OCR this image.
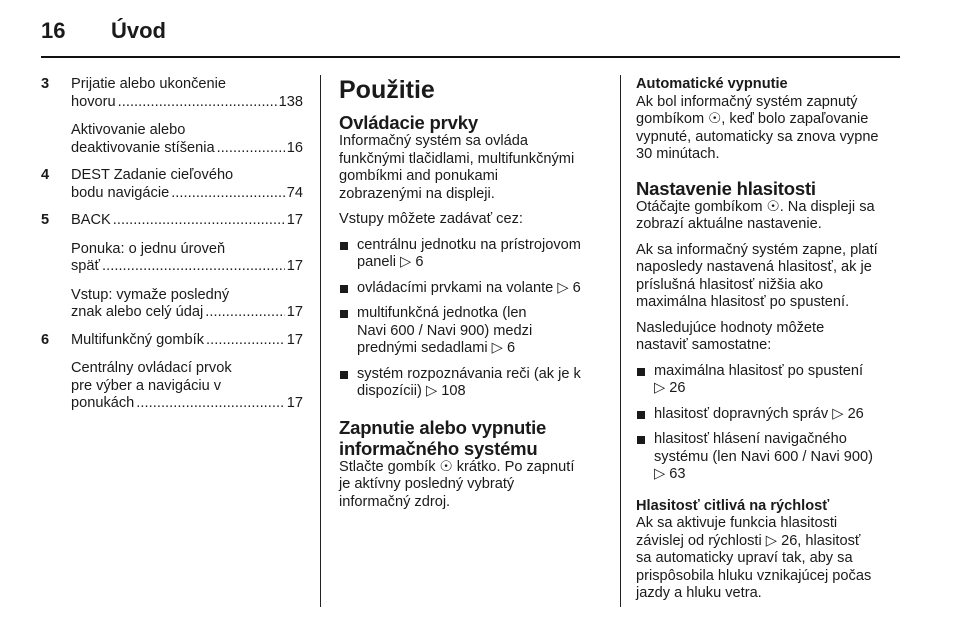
16 Úvod
3 Prijatie alebo ukončenie
hovoru . . .	138
Aktivovanie alebo
deaktivovanie stíšenia . . .	16
4 DEST Zadanie cieľového
bodu navigácie . . .	74
5 BACK . . .	17
Ponuka: o jednu úroveň
späť . . .	17
Vstup: vymaže posledný
znak alebo celý údaj . . .	17
6 Multifunkčný gombík . . .	17
Centrálny ovládací prvok
pre výber a navigáciu v
ponukách . . .	17
Použitie
Ovládacie prvky
Informačný systém sa ovláda
funkčnými tlačidlami, multifunkčnými
gombíkmi and ponukami
zobrazenými na displeji.
Vstupy môžete zadávať cez:
centrálnu jednotku na prístrojovom
paneli ▷ 6
ovládacími prvkami na volante ▷ 6
multifunkčná jednotka (len
Navi 600 / Navi 900) medzi
prednými sedadlami ▷ 6
systém rozpoznávania reči (ak je k
dispozícii) ▷ 108
Zapnutie alebo vypnutie
informačného systému
Stlačte gombík ☉ krátko. Po zapnutí
je aktívny posledný vybratý
informačný zdroj.
Automatické vypnutie
Ak bol informačný systém zapnutý
gombíkom ☉, keď bolo zapaľovanie
vypnuté, automaticky sa znova vypne
30 minútach.
Nastavenie hlasitosti
Otáčajte gombíkom ☉. Na displeji sa
zobrazí aktuálne nastavenie.
Ak sa informačný systém zapne, platí
naposledy nastavená hlasitosť, ak je
príslušná hlasitosť nižšia ako
maximálna hlasitosť po spustení.
Nasledujúce hodnoty môžete
nastaviť samostatne:
maximálna hlasitosť po spustení
▷ 26
hlasitosť dopravných správ ▷ 26
hlasitosť hlásení navigačného
systému (len Navi 600 / Navi 900)
▷ 63
Hlasitosť citlivá na rýchlosť
Ak sa aktivuje funkcia hlasitosti
závislej od rýchlosti ▷ 26, hlasitosť
sa automaticky upraví tak, aby sa
prispôsobila hluku vznikajúcej počas
jazdy a hluku vetra.
